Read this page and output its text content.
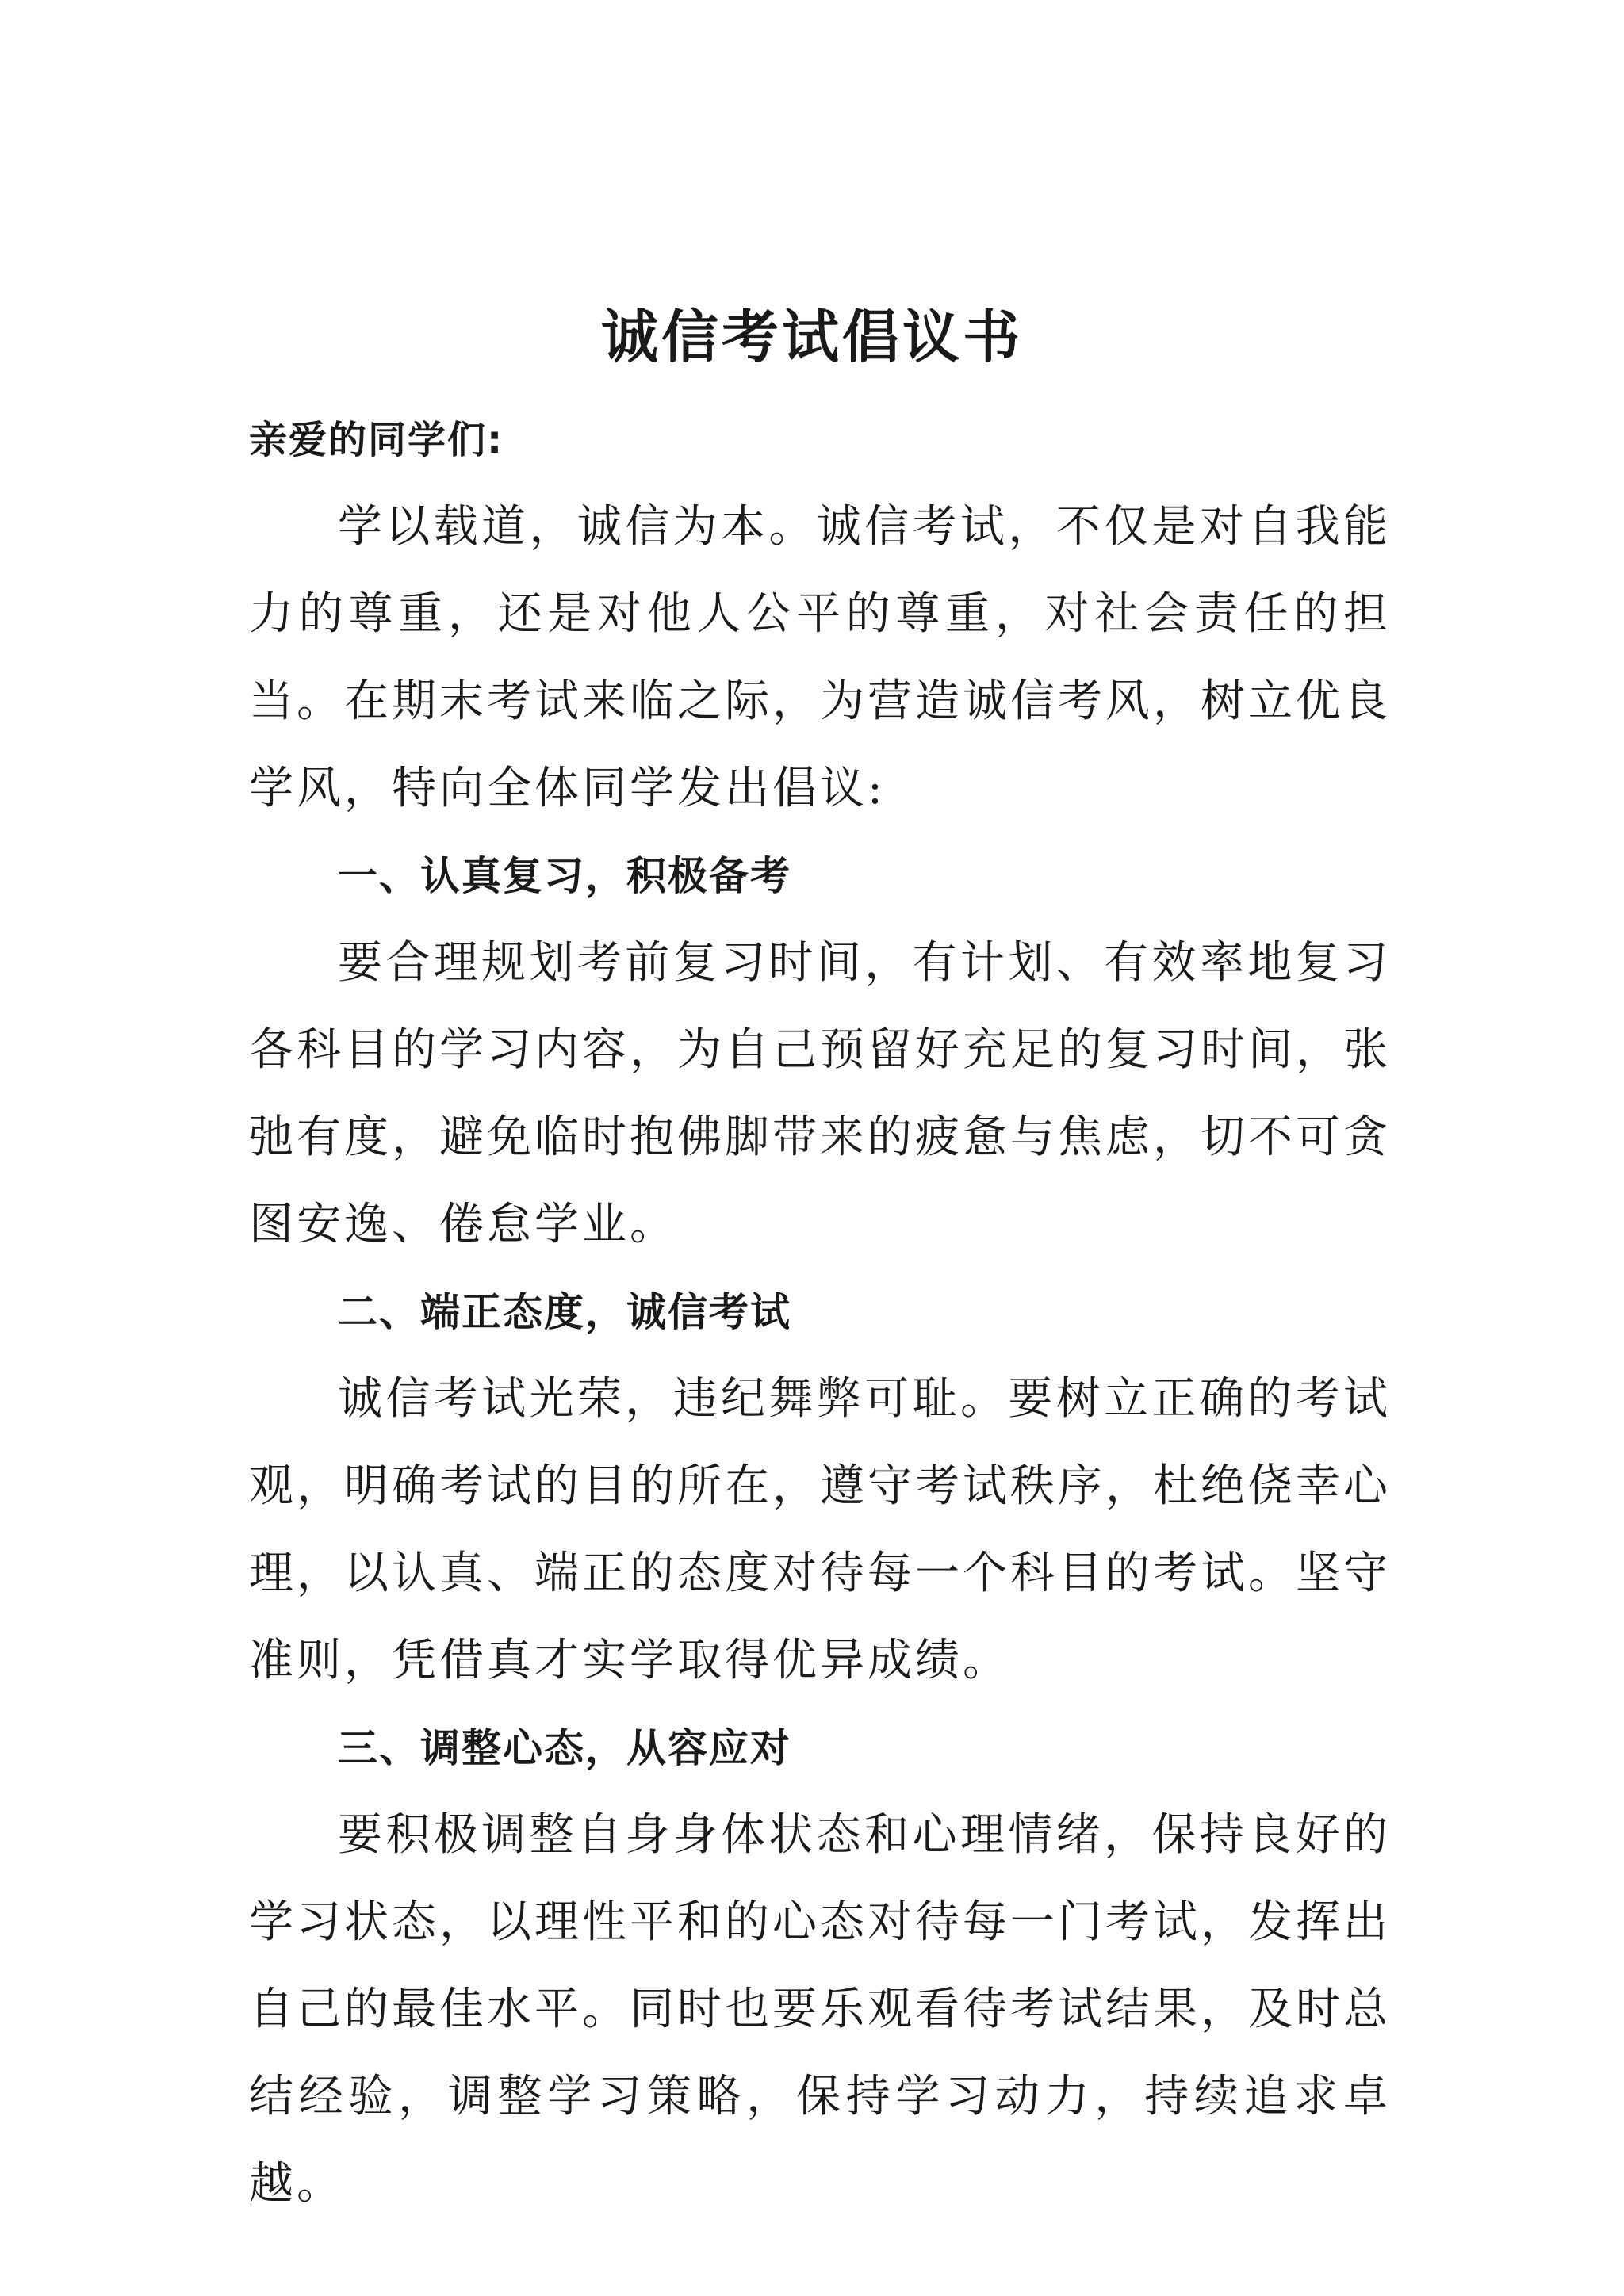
诚信考试倡议书

亲爱的同学们:

学以载道，诚信为本。诚信考试，不仅是对自我能力的尊重，还是对他人公平的尊重，对社会责任的担当。在期末考试来临之际，为营造诚信考风，树立优良学风，特向全体同学发出倡议:

一、认真复习，积极备考

要合理规划考前复习时间，有计划、有效率地复习各科目的学习内容，为自己预留好充足的复习时间，张弛有度，避免临时抱佛脚带来的疲惫与焦虑，切不可贪图安逸、倦怠学业。

二、端正态度，诚信考试

诚信考试光荣，违纪舞弊可耻。要树立正确的考试观，明确考试的目的所在，遵守考试秩序，杜绝侥幸心理，以认真、端正的态度对待每一个科目的考试。坚守准则，凭借真才实学取得优异成绩。

三、调整心态，从容应对

要积极调整自身身体状态和心理情绪，保持良好的学习状态，以理性平和的心态对待每一门考试，发挥出自己的最佳水平。同时也要乐观看待考试结果，及时总结经验，调整学习策略，保持学习动力，持续追求卓越。
